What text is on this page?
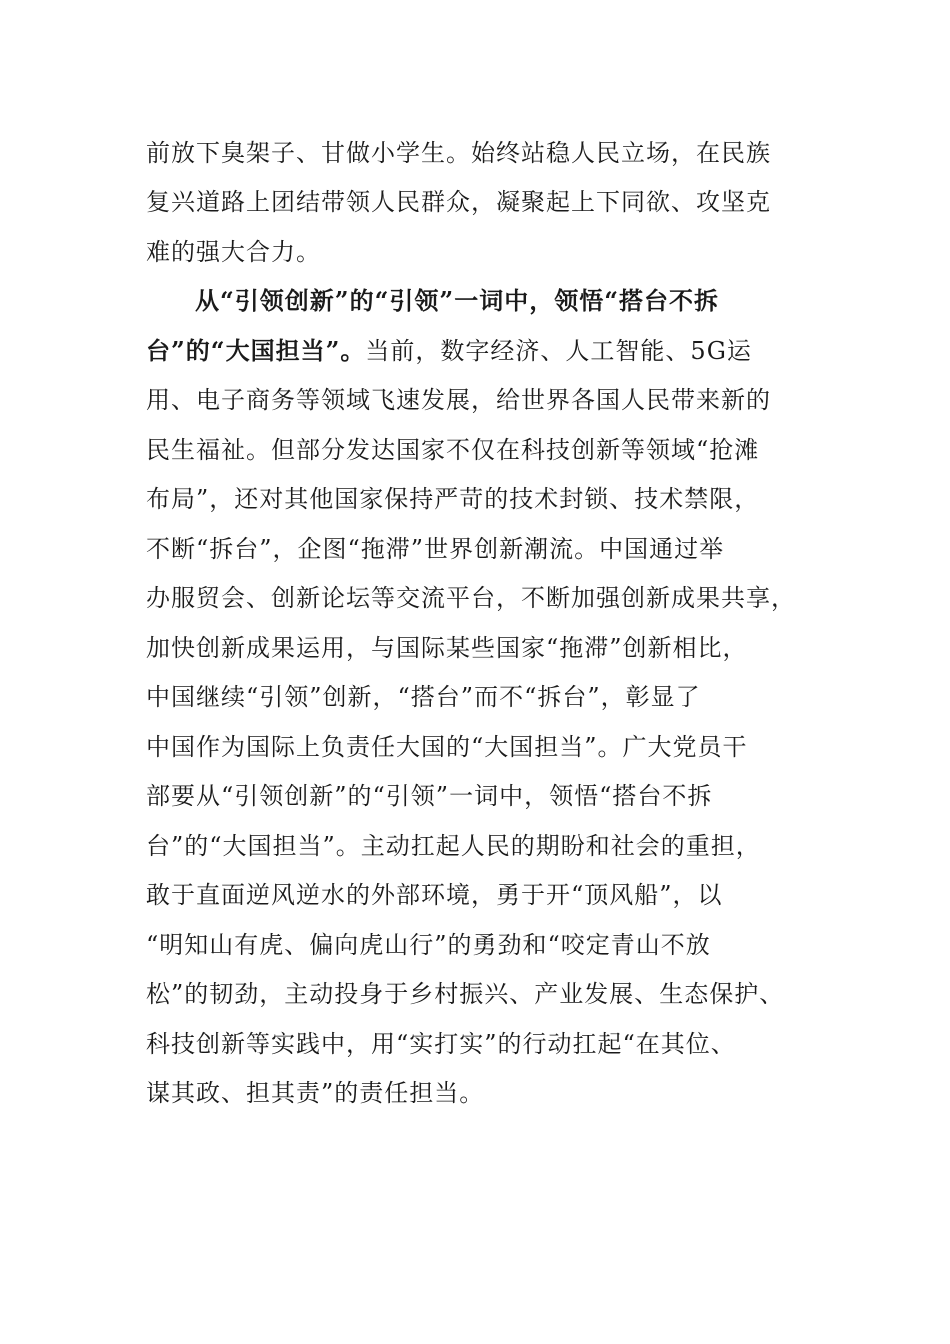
前放下臭架子、甘做小学生。始终站稳人民立场，在民族
复兴道路上团结带领人民群众，凝聚起上下同欲、攻坚克
难的强大合力。
从“引领创新”的“引领”一词中，领悟“搭台不拆
台”的“大国担当”。当前，数字经济、人工智能、5G运
用、电子商务等领域飞速发展，给世界各国人民带来新的
民生福祉。但部分发达国家不仅在科技创新等领域“抢滩
布局”，还对其他国家保持严苛的技术封锁、技术禁限，
不断“拆台”，企图“拖滞”世界创新潮流。中国通过举
办服贸会、创新论坛等交流平台，不断加强创新成果共享，
加快创新成果运用，与国际某些国家“拖滞”创新相比，
中国继续“引领”创新，“搭台”而不“拆台”，彰显了
中国作为国际上负责任大国的“大国担当”。广大党员干
部要从“引领创新”的“引领”一词中，领悟“搭台不拆
台”的“大国担当”。主动扛起人民的期盼和社会的重担，
敢于直面逆风逆水的外部环境，勇于开“顶风船”，以
“明知山有虎、偏向虎山行”的勇劲和“咬定青山不放
松”的韧劲，主动投身于乡村振兴、产业发展、生态保护、
科技创新等实践中，用“实打实”的行动扛起“在其位、
谋其政、担其责”的责任担当。
